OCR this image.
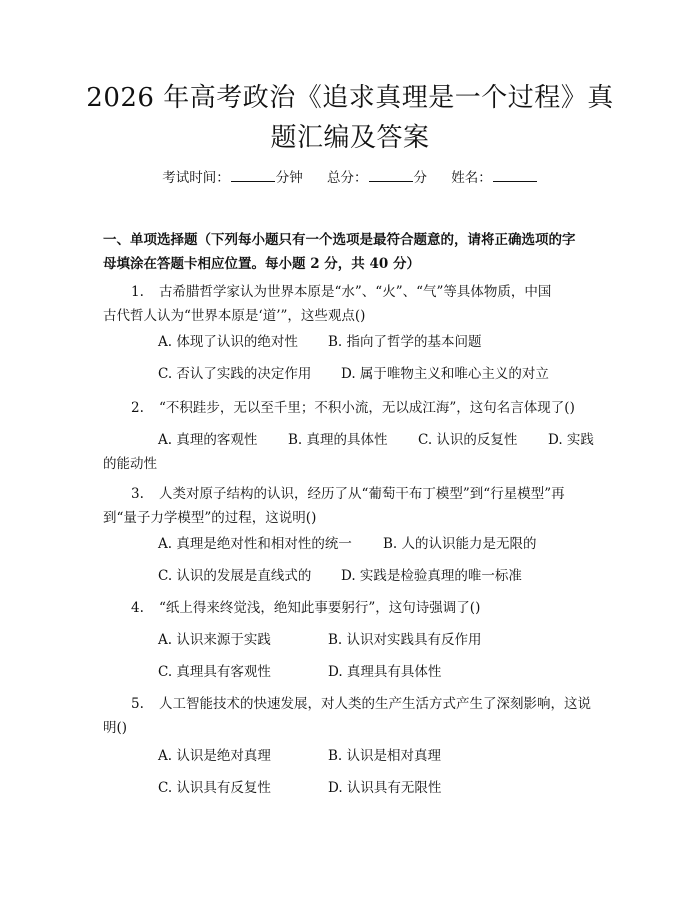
2026 年高考政治《追求真理是一个过程》真
题汇编及答案
考试时间：	分钟 总分：	分 姓名：
一、单项选择题（下列每小题只有一个选项是最符合题意的，请将正确选项的字
母填涂在答题卡相应位置。每小题 2 分，共 40 分）
1. 古希腊哲学家认为世界本原是“水”、“火”、“气”等具体物质，中国
古代哲人认为“世界本原是‘道’”，这些观点()
A. 体现了认识的绝对性 B. 指向了哲学的基本问题
C. 否认了实践的决定作用 D. 属于唯物主义和唯心主义的对立
2. “不积跬步，无以至千里；不积小流，无以成江海”，这句名言体现了()
A. 真理的客观性 B. 真理的具体性 C. 认识的反复性 D. 实践
的能动性
3. 人类对原子结构的认识，经历了从“葡萄干布丁模型”到“行星模型”再
到“量子力学模型”的过程，这说明()
A. 真理是绝对性和相对性的统一 B. 人的认识能力是无限的
C. 认识的发展是直线式的 D. 实践是检验真理的唯一标准
4. “纸上得来终觉浅，绝知此事要躬行”，这句诗强调了()
A. 认识来源于实践	B. 认识对实践具有反作用
C. 真理具有客观性	D. 真理具有具体性
5. 人工智能技术的快速发展，对人类的生产生活方式产生了深刻影响，这说
明()
A. 认识是绝对真理	B. 认识是相对真理
C. 认识具有反复性	D. 认识具有无限性
